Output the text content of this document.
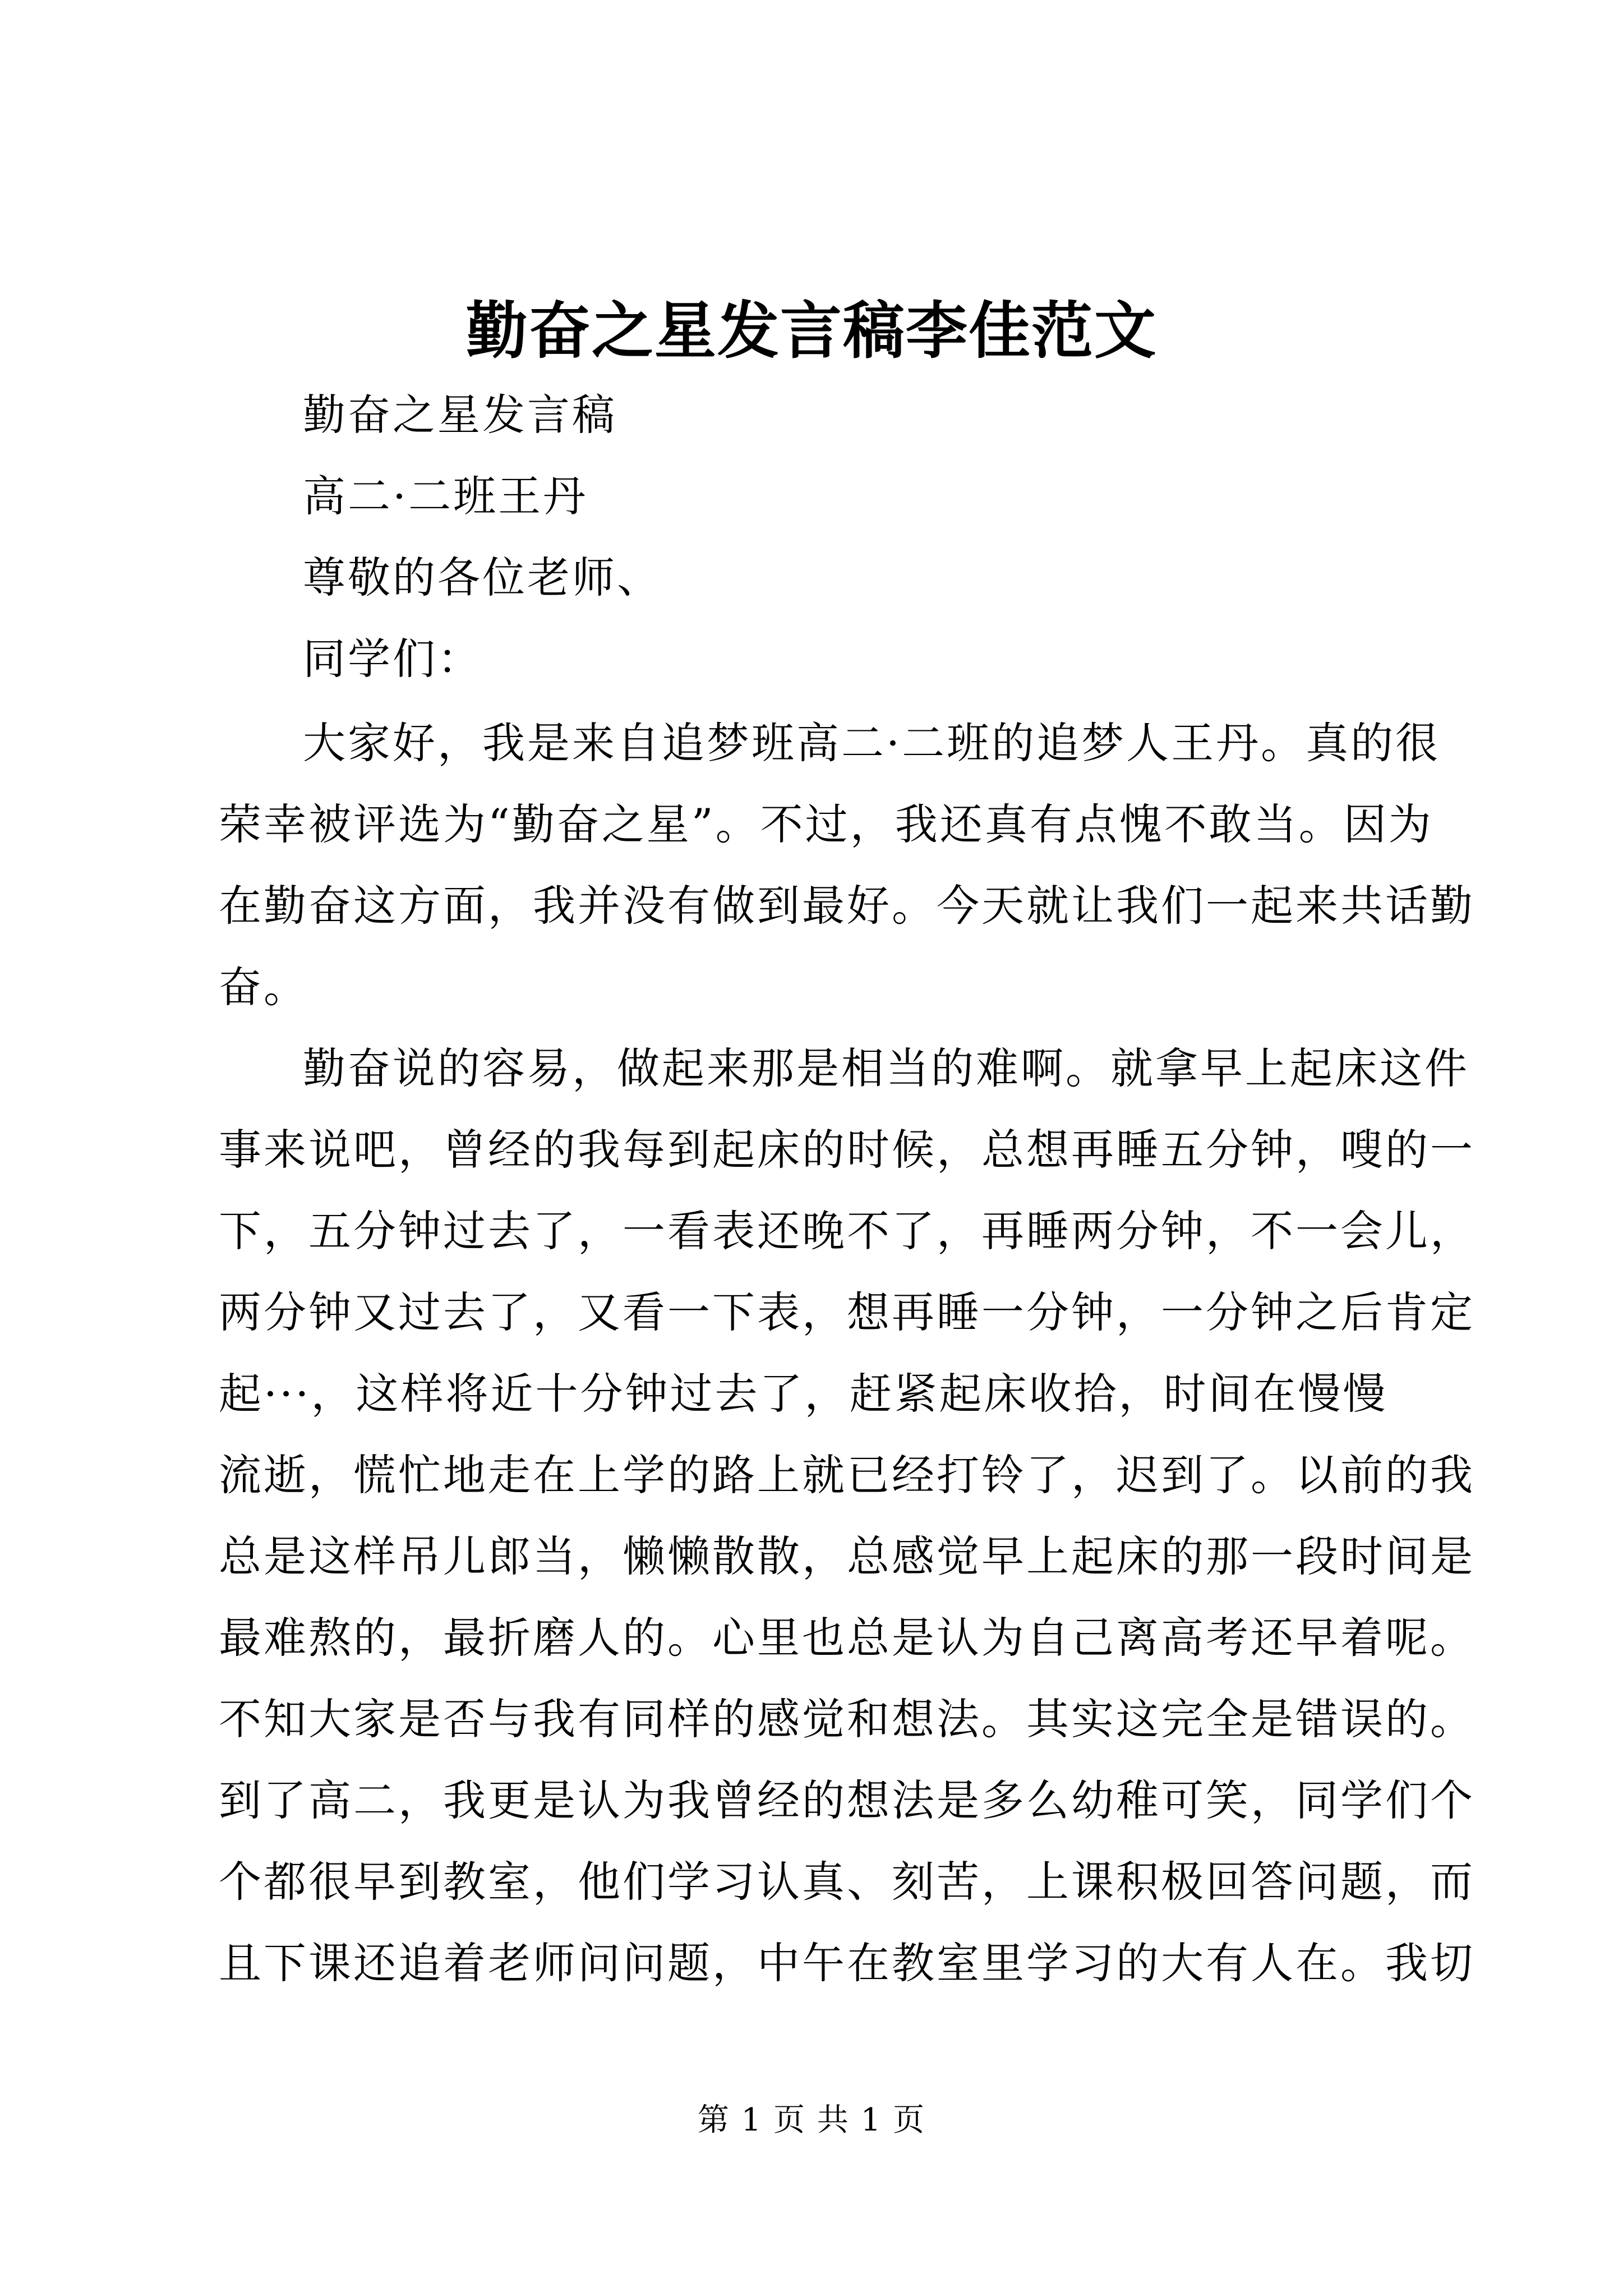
勤奋之星发言稿李佳范文
勤奋之星发言稿
高二·二班王丹
尊敬的各位老师、
同学们：
大家好，我是来自追梦班高二·二班的追梦人王丹。真的很
荣幸被评选为“勤奋之星”。不过，我还真有点愧不敢当。因为
在勤奋这方面，我并没有做到最好。今天就让我们一起来共话勤
奋。
勤奋说的容易，做起来那是相当的难啊。就拿早上起床这件
事来说吧，曾经的我每到起床的时候，总想再睡五分钟，嗖的一
下，五分钟过去了，一看表还晚不了，再睡两分钟，不一会儿，
两分钟又过去了，又看一下表，想再睡一分钟，一分钟之后肯定
起···，这样将近十分钟过去了，赶紧起床收拾，时间在慢慢
流逝，慌忙地走在上学的路上就已经打铃了，迟到了。以前的我
总是这样吊儿郎当，懒懒散散，总感觉早上起床的那一段时间是
最难熬的，最折磨人的。心里也总是认为自己离高考还早着呢。
不知大家是否与我有同样的感觉和想法。其实这完全是错误的。
到了高二，我更是认为我曾经的想法是多么幼稚可笑，同学们个
个都很早到教室，他们学习认真、刻苦，上课积极回答问题，而
且下课还追着老师问问题，中午在教室里学习的大有人在。我切
第 1 页 共 1 页
